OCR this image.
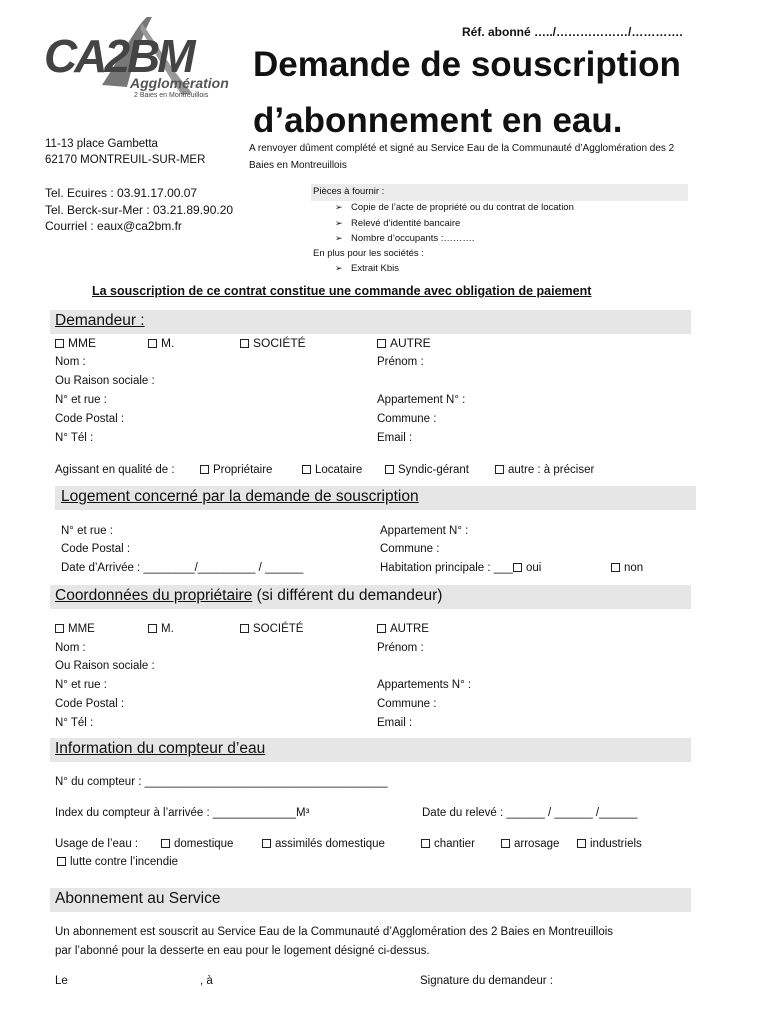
Réf. abonné …../………………/………….
CA2BM
Agglomération
2 Baies en Montreuillois
Demande de souscription
d’abonnement en eau.
11-13 place Gambetta
62170 MONTREUIL-SUR-MER
A renvoyer dûment complété et signé au Service Eau de la Communauté d’Agglomération des 2
Baies en Montreuillois
Tel. Ecuires : 03.91.17.00.07
Tel. Berck-sur-Mer : 03.21.89.90.20
Courriel : eaux@ca2bm.fr
Pièces à fournir :
➢ Copie de l’acte de propriété ou du contrat de location
➢ Relevé d’identité bancaire
➢ Nombre d’occupants :……….
En plus pour les sociétés :
➢ Extrait Kbis
La souscription de ce contrat constitue une commande avec obligation de paiement
Demandeur :
MME	M.	SOCIÉTÉ	AUTRE
Nom :	Prénom :
Ou Raison sociale :
N° et rue :	Appartement N° :
Code Postal :	Commune :
N° Tél :	Email :
Agissant en qualité de :	Propriétaire	Locataire	Syndic-gérant	autre : à préciser
Logement concerné par la demande de souscription
N° et rue :	Appartement N° :
Code Postal :	Commune :
Date d’Arrivée : ________/_________ / ______	Habitation principale : ___ oui	non
Coordonnées du propriétaire (si différent du demandeur)
MME	M.	SOCIÉTÉ	AUTRE
Nom :	Prénom :
Ou Raison sociale :
N° et rue :	Appartements N° :
Code Postal :	Commune :
N° Tél :	Email :
Information du compteur d’eau
N° du compteur : ______________________________________
Index du compteur à l’arrivée : _____________M³	Date du relevé : ______ / ______ /______
Usage de l’eau :	domestique	assimilés domestique	chantier	arrosage	industriels
lutte contre l’incendie
Abonnement au Service
Un abonnement est souscrit au Service Eau de la Communauté d’Agglomération des 2 Baies en Montreuillois
par l’abonné pour la desserte en eau pour le logement désigné ci-dessus.
Le	, à	Signature du demandeur :
